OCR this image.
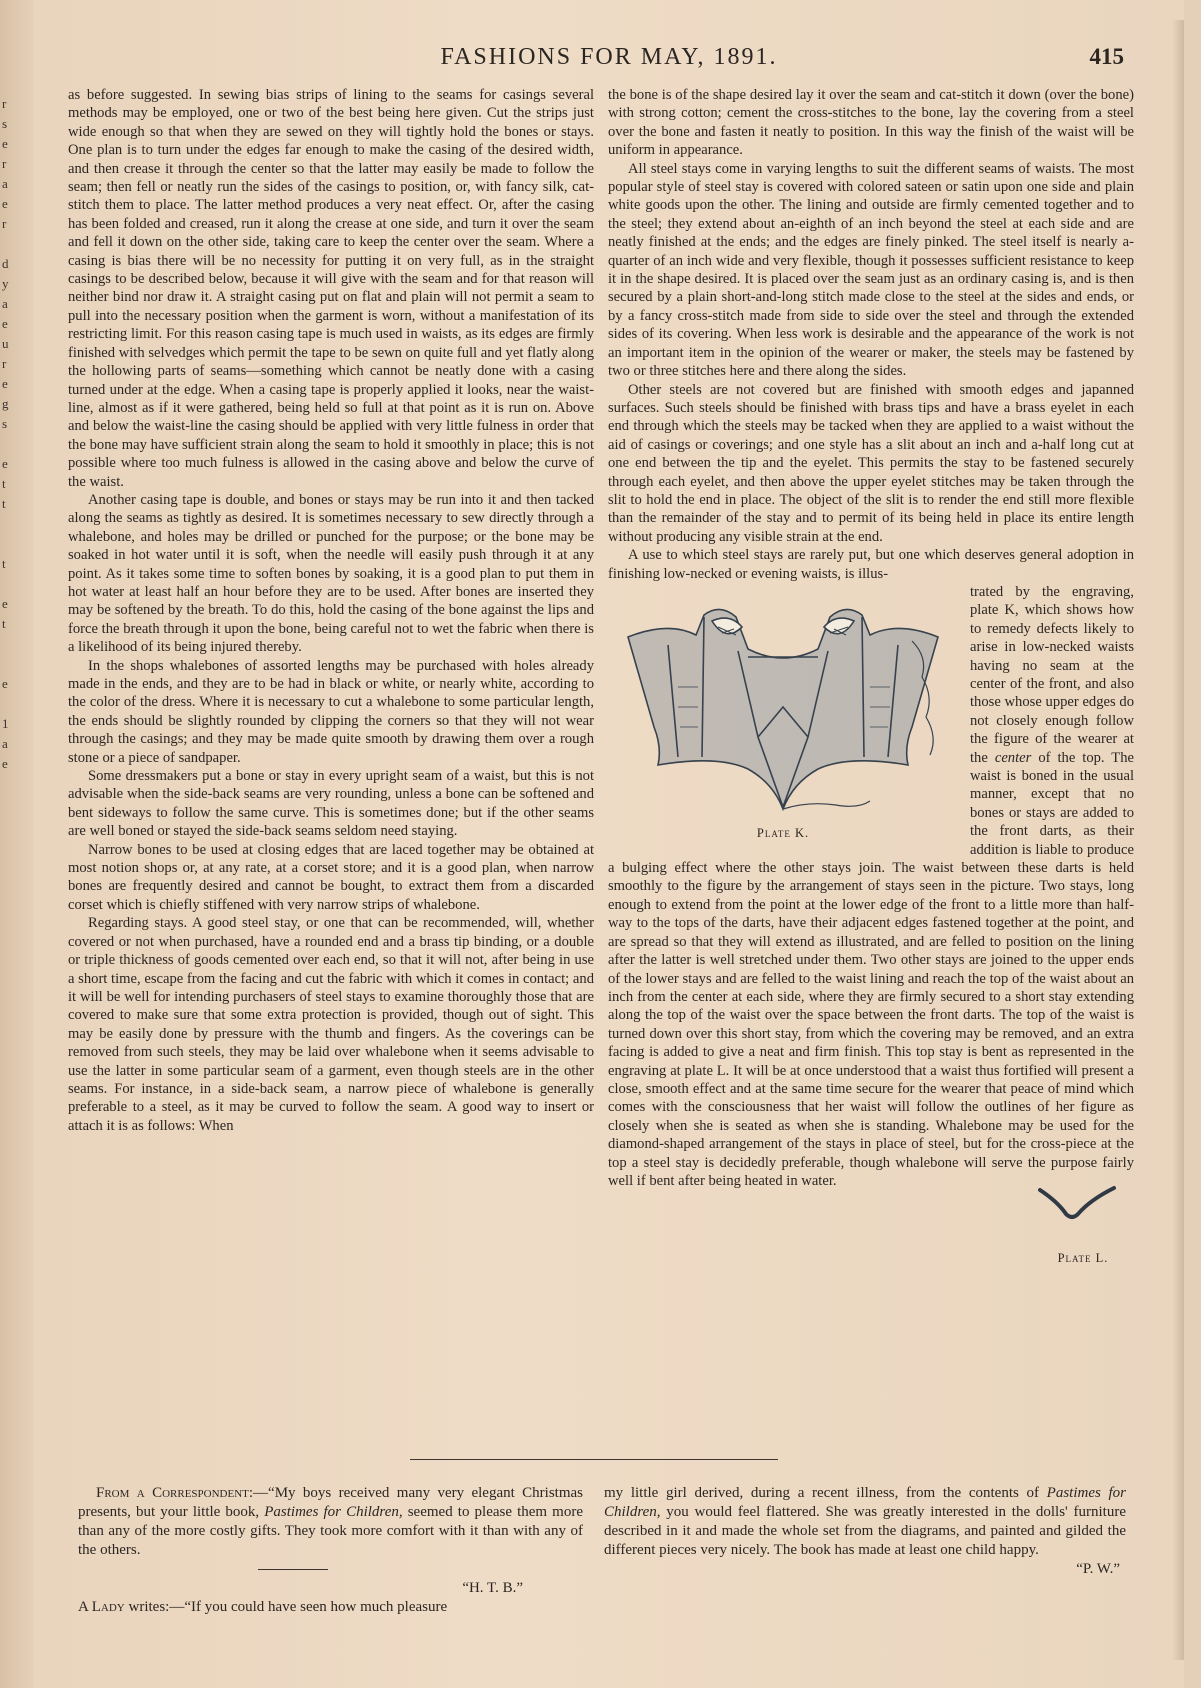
r
s
e
r
a
e
r

d
y
a
e
u
r
e
g
s

e
t
t

t

e
t

e

1
a
e
FASHIONS FOR MAY, 1891.	415

as before suggested. In sewing bias strips of lining to the seams for casings several methods may be employed, one or two of the best being here given. Cut the strips just wide enough so that when they are sewed on they will tightly hold the bones or stays. One plan is to turn under the edges far enough to make the casing of the desired width, and then crease it through the center so that the latter may easily be made to follow the seam; then fell or neatly run the sides of the casings to position, or, with fancy silk, cat-stitch them to place. The latter method produces a very neat effect. Or, after the casing has been folded and creased, run it along the crease at one side, and turn it over the seam and fell it down on the other side, taking care to keep the center over the seam. Where a casing is bias there will be no necessity for putting it on very full, as in the straight casings to be described below, because it will give with the seam and for that reason will neither bind nor draw it. A straight casing put on flat and plain will not permit a seam to pull into the necessary position when the garment is worn, without a manifestation of its restricting limit. For this reason casing tape is much used in waists, as its edges are firmly finished with selvedges which permit the tape to be sewn on quite full and yet flatly along the hollowing parts of seams—something which cannot be neatly done with a casing turned under at the edge. When a casing tape is properly applied it looks, near the waist-line, almost as if it were gathered, being held so full at that point as it is run on. Above and below the waist-line the casing should be applied with very little fulness in order that the bone may have sufficient strain along the seam to hold it smoothly in place; this is not possible where too much fulness is allowed in the casing above and below the curve of the waist.

Another casing tape is double, and bones or stays may be run into it and then tacked along the seams as tightly as desired. It is sometimes necessary to sew directly through a whalebone, and holes may be drilled or punched for the purpose; or the bone may be soaked in hot water until it is soft, when the needle will easily push through it at any point. As it takes some time to soften bones by soaking, it is a good plan to put them in hot water at least half an hour before they are to be used. After bones are inserted they may be softened by the breath. To do this, hold the casing of the bone against the lips and force the breath through it upon the bone, being careful not to wet the fabric when there is a likelihood of its being injured thereby.

In the shops whalebones of assorted lengths may be purchased with holes already made in the ends, and they are to be had in black or white, or nearly white, according to the color of the dress. Where it is necessary to cut a whalebone to some particular length, the ends should be slightly rounded by clipping the corners so that they will not wear through the casings; and they may be made quite smooth by drawing them over a rough stone or a piece of sandpaper.

Some dressmakers put a bone or stay in every upright seam of a waist, but this is not advisable when the side-back seams are very rounding, unless a bone can be softened and bent sideways to follow the same curve. This is sometimes done; but if the other seams are well boned or stayed the side-back seams seldom need staying.

Narrow bones to be used at closing edges that are laced together may be obtained at most notion shops or, at any rate, at a corset store; and it is a good plan, when narrow bones are frequently desired and cannot be bought, to extract them from a discarded corset which is chiefly stiffened with very narrow strips of whalebone.

Regarding stays. A good steel stay, or one that can be recommended, will, whether covered or not when purchased, have a rounded end and a brass tip binding, or a double or triple thickness of goods cemented over each end, so that it will not, after being in use a short time, escape from the facing and cut the fabric with which it comes in contact; and it will be well for intending purchasers of steel stays to examine thoroughly those that are covered to make sure that some extra protection is provided, though out of sight. This may be easily done by pressure with the thumb and fingers. As the coverings can be removed from such steels, they may be laid over whalebone when it seems advisable to use the latter in some particular seam of a garment, even though steels are in the other seams. For instance, in a side-back seam, a narrow piece of whalebone is generally preferable to a steel, as it may be curved to follow the seam. A good way to insert or attach it is as follows: When

the bone is of the shape desired lay it over the seam and cat-stitch it down (over the bone) with strong cotton; cement the cross-stitches to the bone, lay the covering from a steel over the bone and fasten it neatly to position. In this way the finish of the waist will be uniform in appearance.

All steel stays come in varying lengths to suit the different seams of waists. The most popular style of steel stay is covered with colored sateen or satin upon one side and plain white goods upon the other. The lining and outside are firmly cemented together and to the steel; they extend about an-eighth of an inch beyond the steel at each side and are neatly finished at the ends; and the edges are finely pinked. The steel itself is nearly a-quarter of an inch wide and very flexible, though it possesses sufficient resistance to keep it in the shape desired. It is placed over the seam just as an ordinary casing is, and is then secured by a plain short-and-long stitch made close to the steel at the sides and ends, or by a fancy cross-stitch made from side to side over the steel and through the extended sides of its covering. When less work is desirable and the appearance of the work is not an important item in the opinion of the wearer or maker, the steels may be fastened by two or three stitches here and there along the sides.

Other steels are not covered but are finished with smooth edges and japanned surfaces. Such steels should be finished with brass tips and have a brass eyelet in each end through which the steels may be tacked when they are applied to a waist without the aid of casings or coverings; and one style has a slit about an inch and a-half long cut at one end between the tip and the eyelet. This permits the stay to be fastened securely through each eyelet, and then above the upper eyelet stitches may be taken through the slit to hold the end in place. The object of the slit is to render the end still more flexible than the remainder of the stay and to permit of its being held in place its entire length without producing any visible strain at the end.

A use to which steel stays are rarely put, but one which deserves general adoption in finishing low-necked or evening waists, is illus-

Plate K.

trated by the engraving, plate K, which shows how to remedy defects likely to arise in low-necked waists having no seam at the center of the front, and also those whose upper edges do not closely enough follow the figure of the wearer at the center of the top. The waist is boned in the usual manner, except that no bones or stays are added to the front darts, as their addition is liable to produce a bulging effect where the other stays join. The waist between these darts is held smoothly to the figure by the arrangement of stays seen in the picture. Two stays, long enough to extend from the point at the lower edge of the front to a little more than half-way to the tops of the darts, have their adjacent edges fastened together at the point, and are spread so that they will extend as illustrated, and are felled to position on the lining after the latter is well stretched under them. Two other stays are joined to the upper ends of the lower stays and are felled to the waist lining and reach the top of the waist about an inch from the center at each side, where they are firmly secured to a short stay extending along the top of the waist over the space between the front darts. The top of the waist is turned down over this short stay, from which the covering may be removed, and an extra facing is added to give a neat and firm finish. This top stay is bent as represented in the engraving at plate L. It will be at once understood that a waist thus fortified will present a close, smooth effect and at the same time secure for the wearer that peace of mind which comes with the consciousness that her waist will follow the outlines of her figure as closely when she is seated as when she is standing. Whalebone may be used for the diamond-shaped arrangement of the stays in place of steel, but for the cross-piece at the top a steel stay is decidedly preferable, though whalebone will serve the purpose fairly well if bent after being heated in water.

Plate L.

From a Correspondent:—“My boys received many very elegant Christmas presents, but your little book, Pastimes for Children, seemed to please them more than any of the more costly gifts. They took more comfort with it than with any of the others.

“H. T. B.”

A Lady writes:—“If you could have seen how much pleasure

my little girl derived, during a recent illness, from the contents of Pastimes for Children, you would feel flattered. She was greatly interested in the dolls' furniture described in it and made the whole set from the diagrams, and painted and gilded the different pieces very nicely. The book has made at least one child happy.

“P. W.”
